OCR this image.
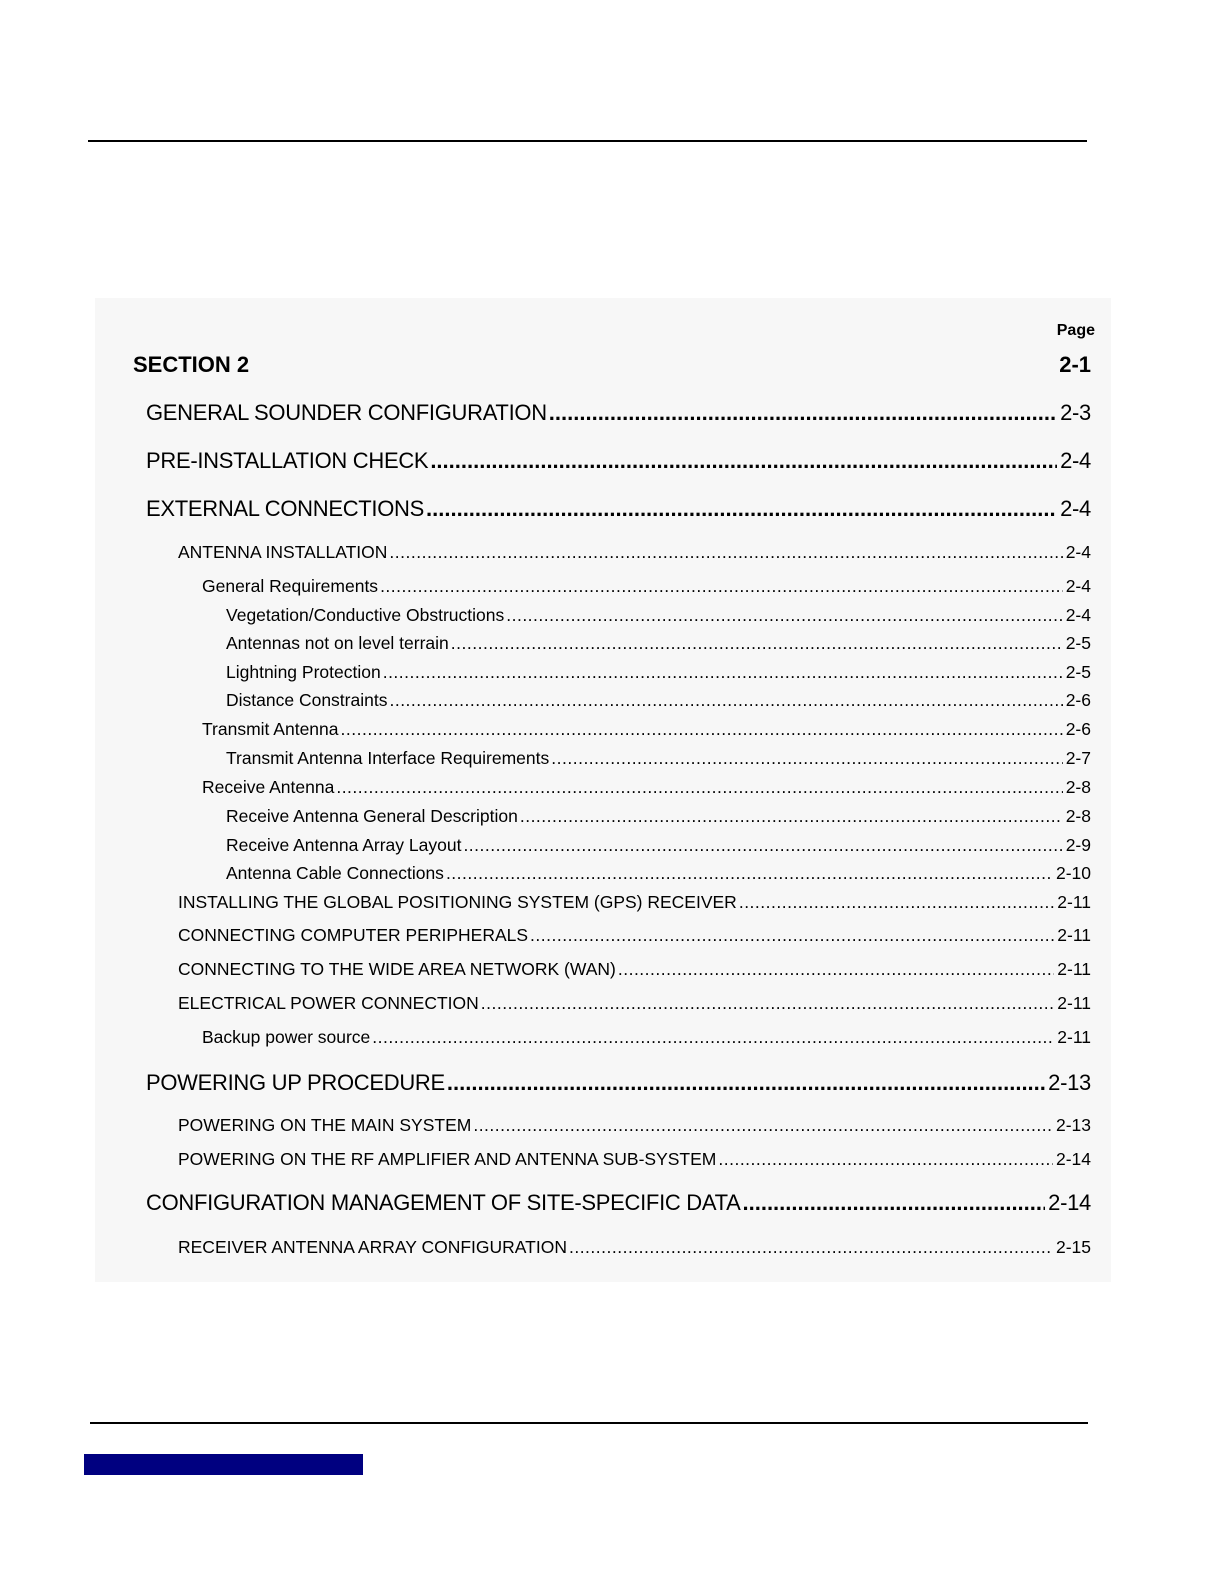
Page
SECTION 2	2-1
GENERAL SOUNDER CONFIGURATION .....	2-3
PRE-INSTALLATION CHECK .....	2-4
EXTERNAL CONNECTIONS .....	2-4
ANTENNA INSTALLATION .....	2-4
General Requirements .....	2-4
Vegetation/Conductive Obstructions .....	2-4
Antennas not on level terrain .....	2-5
Lightning Protection .....	2-5
Distance Constraints .....	2-6
Transmit Antenna .....	2-6
Transmit Antenna Interface Requirements .....	2-7
Receive Antenna .....	2-8
Receive Antenna General Description .....	2-8
Receive Antenna Array Layout .....	2-9
Antenna Cable Connections .....	2-10
INSTALLING THE GLOBAL POSITIONING SYSTEM (GPS) RECEIVER .....	2-11
CONNECTING COMPUTER PERIPHERALS .....	2-11
CONNECTING TO THE WIDE AREA NETWORK (WAN) .....	2-11
ELECTRICAL POWER CONNECTION .....	2-11
Backup power source .....	2-11
POWERING UP PROCEDURE .....	2-13
POWERING ON THE MAIN SYSTEM .....	2-13
POWERING ON THE RF AMPLIFIER AND ANTENNA SUB-SYSTEM .....	2-14
CONFIGURATION MANAGEMENT OF SITE-SPECIFIC DATA .....	2-14
RECEIVER ANTENNA ARRAY CONFIGURATION .....	2-15
